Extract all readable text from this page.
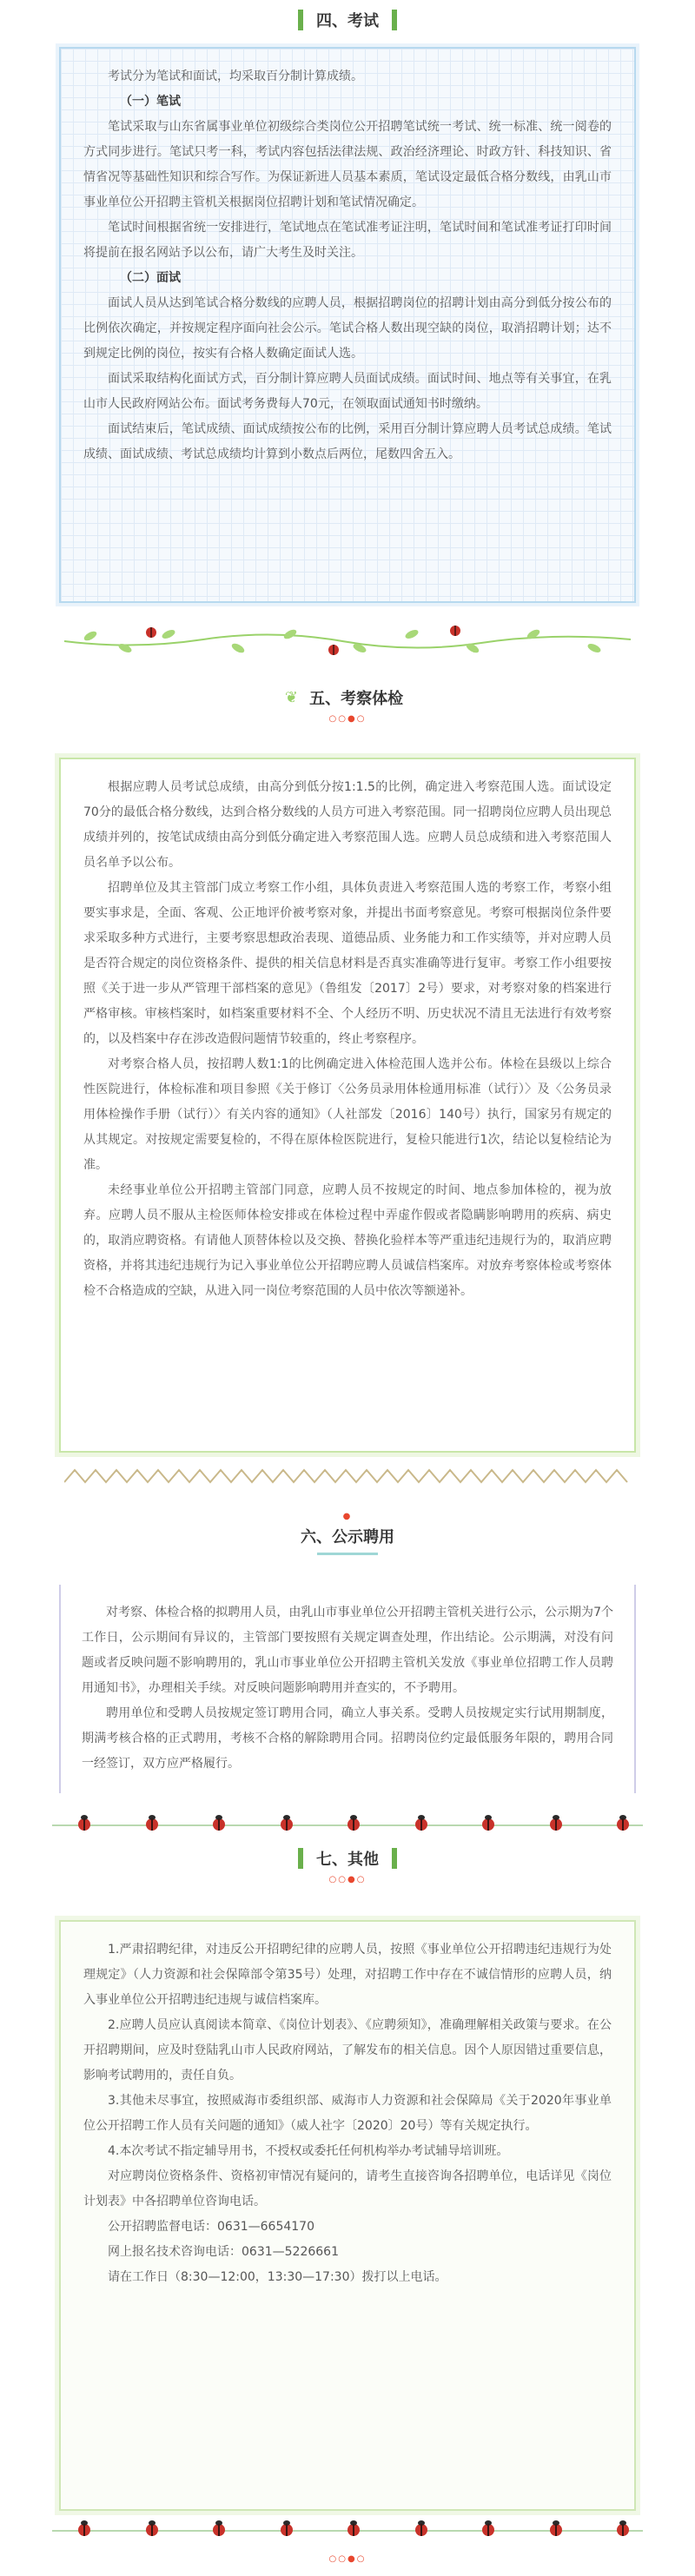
四、考试

考试分为笔试和面试，均采取百分制计算成绩。

（一）笔试

笔试采取与山东省属事业单位初级综合类岗位公开招聘笔试统一考试、统一标准、统一阅卷的方式同步进行。笔试只考一科，考试内容包括法律法规、政治经济理论、时政方针、科技知识、省情省况等基础性知识和综合写作。为保证新进人员基本素质，笔试设定最低合格分数线，由乳山市事业单位公开招聘主管机关根据岗位招聘计划和笔试情况确定。

笔试时间根据省统一安排进行，笔试地点在笔试准考证注明，笔试时间和笔试准考证打印时间将提前在报名网站予以公布，请广大考生及时关注。

（二）面试

面试人员从达到笔试合格分数线的应聘人员，根据招聘岗位的招聘计划由高分到低分按公布的比例依次确定，并按规定程序面向社会公示。笔试合格人数出现空缺的岗位，取消招聘计划；达不到规定比例的岗位，按实有合格人数确定面试人选。

面试采取结构化面试方式，百分制计算应聘人员面试成绩。面试时间、地点等有关事宜，在乳山市人民政府网站公布。面试考务费每人70元，在领取面试通知书时缴纳。

面试结束后，笔试成绩、面试成绩按公布的比例，采用百分制计算应聘人员考试总成绩。笔试成绩、面试成绩、考试总成绩均计算到小数点后两位，尾数四舍五入。

❦ 五、考察体检
○○●○

根据应聘人员考试总成绩，由高分到低分按1:1.5的比例，确定进入考察范围人选。面试设定70分的最低合格分数线，达到合格分数线的人员方可进入考察范围。同一招聘岗位应聘人员出现总成绩并列的，按笔试成绩由高分到低分确定进入考察范围人选。应聘人员总成绩和进入考察范围人员名单予以公布。

招聘单位及其主管部门成立考察工作小组，具体负责进入考察范围人选的考察工作，考察小组要实事求是，全面、客观、公正地评价被考察对象，并提出书面考察意见。考察可根据岗位条件要求采取多种方式进行，主要考察思想政治表现、道德品质、业务能力和工作实绩等，并对应聘人员是否符合规定的岗位资格条件、提供的相关信息材料是否真实准确等进行复审。考察工作小组要按照《关于进一步从严管理干部档案的意见》（鲁组发〔2017〕2号）要求，对考察对象的档案进行严格审核。审核档案时，如档案重要材料不全、个人经历不明、历史状况不清且无法进行有效考察的，以及档案中存在涉改造假问题情节较重的，终止考察程序。

对考察合格人员，按招聘人数1:1的比例确定进入体检范围人选并公布。体检在县级以上综合性医院进行，体检标准和项目参照《关于修订〈公务员录用体检通用标准（试行）〉及〈公务员录用体检操作手册（试行）〉有关内容的通知》（人社部发〔2016〕140号）执行，国家另有规定的从其规定。对按规定需要复检的，不得在原体检医院进行，复检只能进行1次，结论以复检结论为准。

未经事业单位公开招聘主管部门同意，应聘人员不按规定的时间、地点参加体检的，视为放弃。应聘人员不服从主检医师体检安排或在体检过程中弄虚作假或者隐瞒影响聘用的疾病、病史的，取消应聘资格。有请他人顶替体检以及交换、替换化验样本等严重违纪违规行为的，取消应聘资格，并将其违纪违规行为记入事业单位公开招聘应聘人员诚信档案库。对放弃考察体检或考察体检不合格造成的空缺，从进入同一岗位考察范围的人员中依次等额递补。

●
六、公示聘用

对考察、体检合格的拟聘用人员，由乳山市事业单位公开招聘主管机关进行公示，公示期为7个工作日，公示期间有异议的，主管部门要按照有关规定调查处理，作出结论。公示期满，对没有问题或者反映问题不影响聘用的，乳山市事业单位公开招聘主管机关发放《事业单位招聘工作人员聘用通知书》，办理相关手续。对反映问题影响聘用并查实的，不予聘用。

聘用单位和受聘人员按规定签订聘用合同，确立人事关系。受聘人员按规定实行试用期制度，期满考核合格的正式聘用，考核不合格的解除聘用合同。招聘岗位约定最低服务年限的，聘用合同一经签订，双方应严格履行。

七、其他
○○●○

1.严肃招聘纪律，对违反公开招聘纪律的应聘人员，按照《事业单位公开招聘违纪违规行为处理规定》（人力资源和社会保障部令第35号）处理，对招聘工作中存在不诚信情形的应聘人员，纳入事业单位公开招聘违纪违规与诚信档案库。

2.应聘人员应认真阅读本简章、《岗位计划表》、《应聘须知》，准确理解相关政策与要求。在公开招聘期间，应及时登陆乳山市人民政府网站，了解发布的相关信息。因个人原因错过重要信息，影响考试聘用的，责任自负。

3.其他未尽事宜，按照威海市委组织部、威海市人力资源和社会保障局《关于2020年事业单位公开招聘工作人员有关问题的通知》（威人社字〔2020〕20号）等有关规定执行。

4.本次考试不指定辅导用书，不授权或委托任何机构举办考试辅导培训班。

对应聘岗位资格条件、资格初审情况有疑问的，请考生直接咨询各招聘单位，电话详见《岗位计划表》中各招聘单位咨询电话。

公开招聘监督电话：0631—6654170

网上报名技术咨询电话：0631—5226661

请在工作日（8:30—12:00，13:30—17:30）拨打以上电话。

○○●○
